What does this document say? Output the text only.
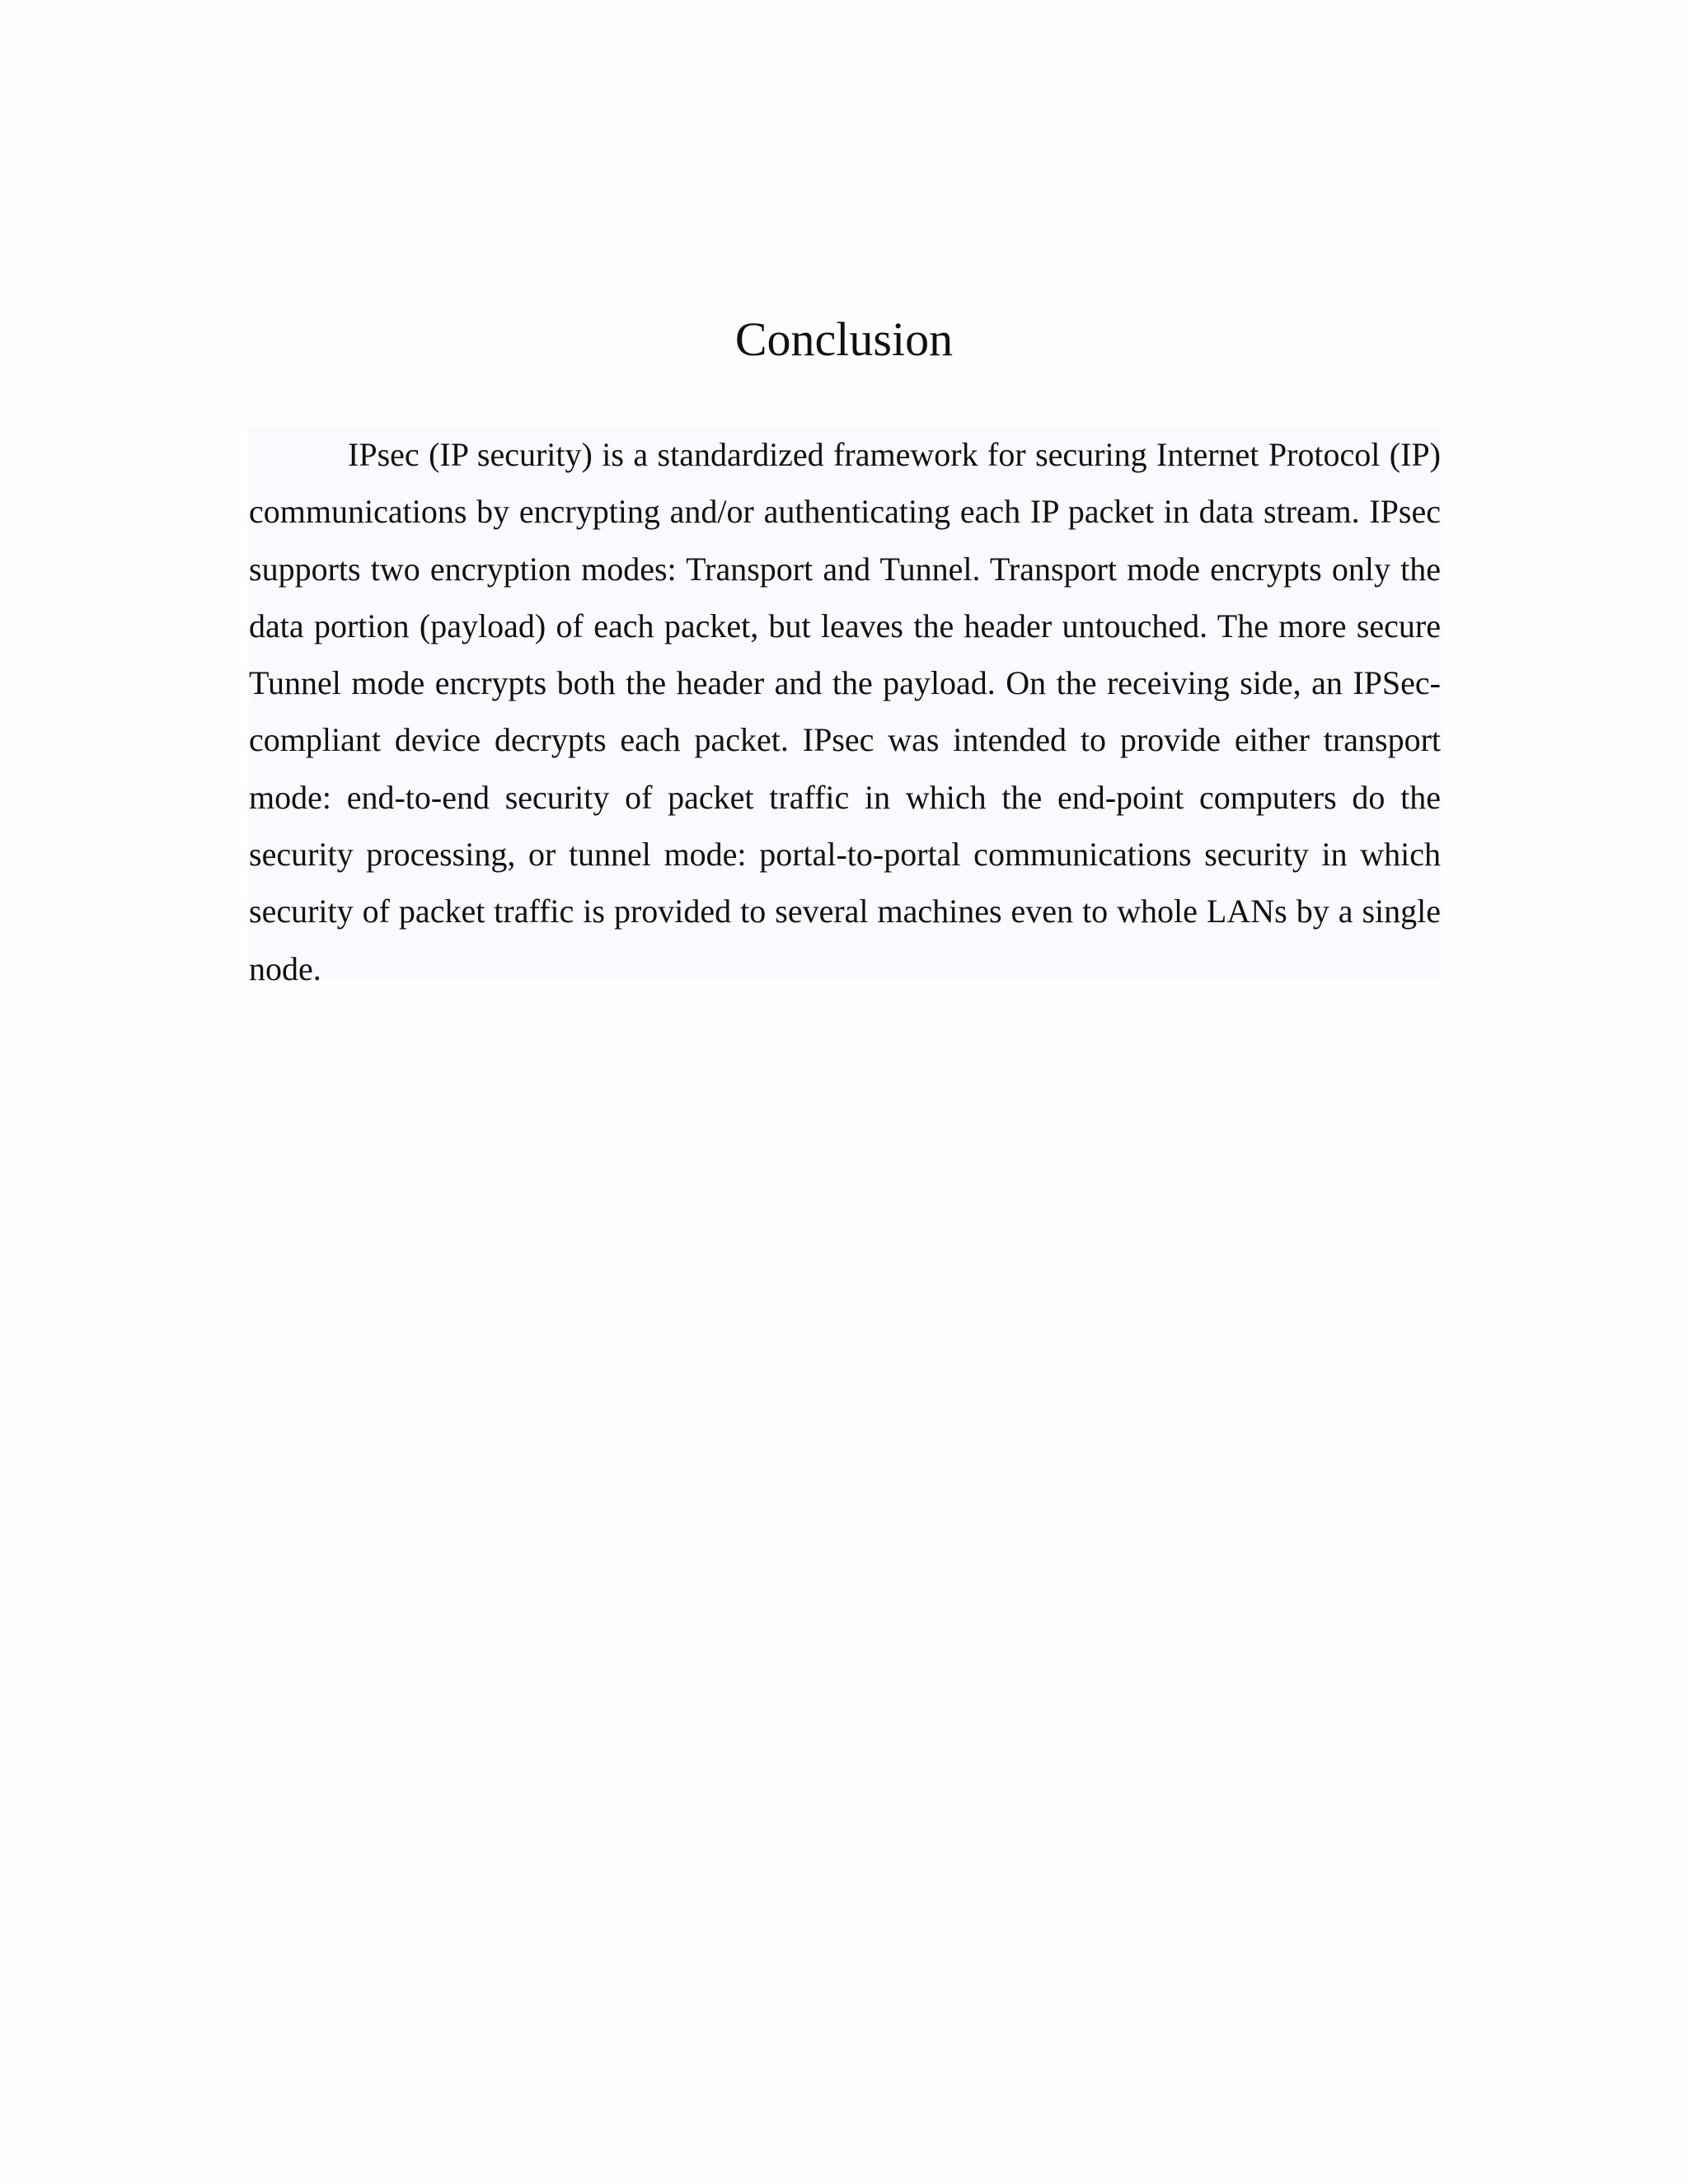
Conclusion

IPsec (IP security) is a standardized framework for securing Internet Protocol (IP) communications by encrypting and/or authenticating each IP packet in data stream. IPsec supports two encryption modes: Transport and Tunnel. Transport mode encrypts only the data portion (payload) of each packet, but leaves the header untouched. The more secure Tunnel mode encrypts both the header and the payload. On the receiving side, an IPSec-compliant device decrypts each packet. IPsec was intended to provide either transport mode: end-to-end security of packet traffic in which the end-point computers do the security processing, or tunnel mode: portal-to-portal communications security in which security of packet traffic is provided to several machines even to whole LANs by a single node.
